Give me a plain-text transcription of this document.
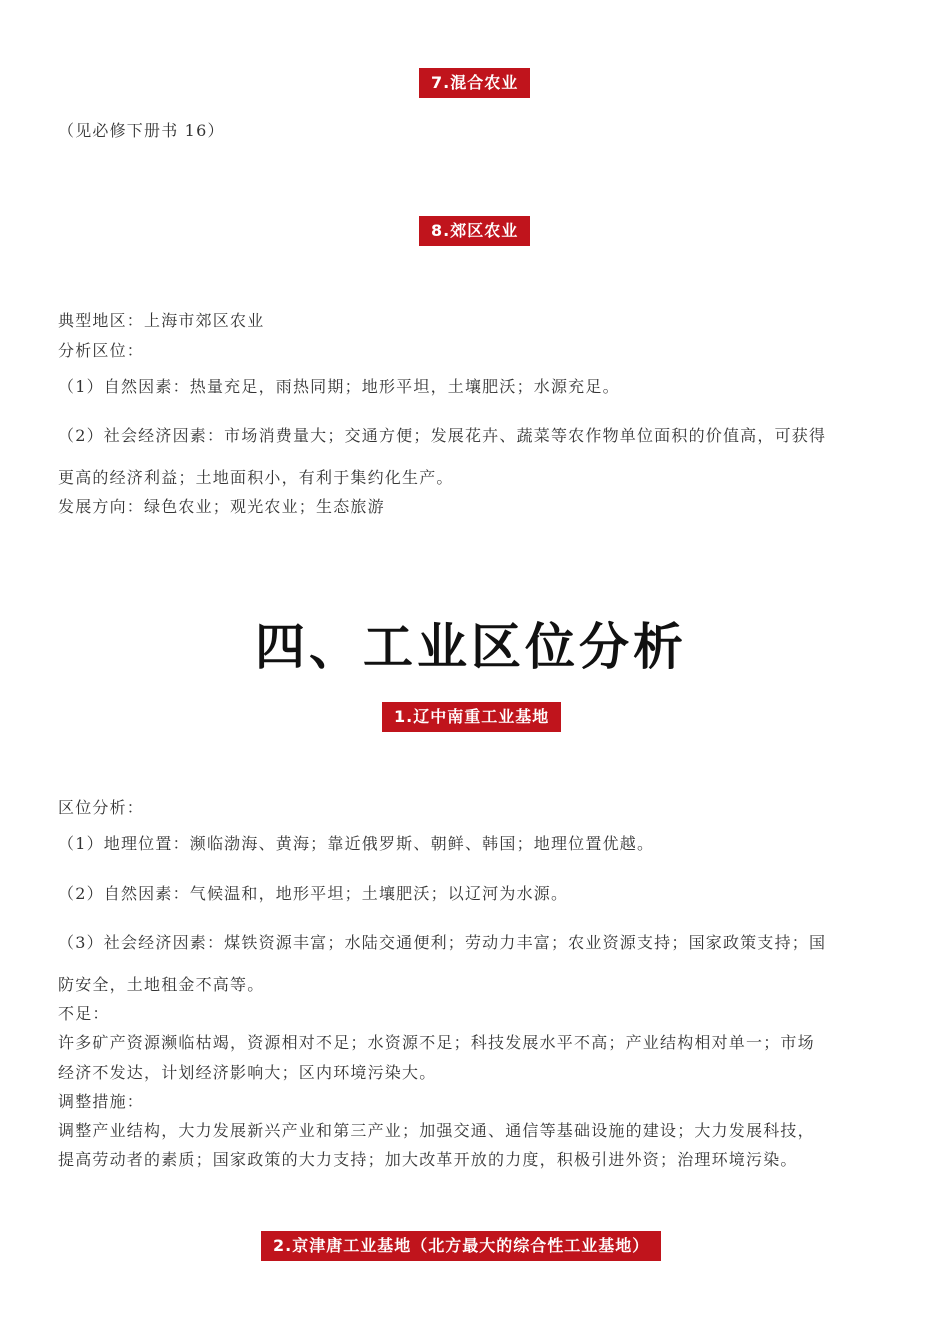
7.混合农业

（见必修下册书 16）

8.郊区农业

典型地区：上海市郊区农业

分析区位：

（1）自然因素：热量充足，雨热同期；地形平坦，土壤肥沃；水源充足。

（2）社会经济因素：市场消费量大；交通方便；发展花卉、蔬菜等农作物单位面积的价值高，可获得

更高的经济利益；土地面积小，有利于集约化生产。

发展方向：绿色农业；观光农业；生态旅游

四、工业区位分析
1.辽中南重工业基地

区位分析：

（1）地理位置：濒临渤海、黄海；靠近俄罗斯、朝鲜、韩国；地理位置优越。

（2）自然因素：气候温和，地形平坦；土壤肥沃；以辽河为水源。

（3）社会经济因素：煤铁资源丰富；水陆交通便利；劳动力丰富；农业资源支持；国家政策支持；国

防安全，土地租金不高等。

不足：

许多矿产资源濒临枯竭，资源相对不足；水资源不足；科技发展水平不高；产业结构相对单一；市场

经济不发达，计划经济影响大；区内环境污染大。

调整措施：

调整产业结构，大力发展新兴产业和第三产业；加强交通、通信等基础设施的建设；大力发展科技，

提高劳动者的素质；国家政策的大力支持；加大改革开放的力度，积极引进外资；治理环境污染。

2.京津唐工业基地（北方最大的综合性工业基地）
